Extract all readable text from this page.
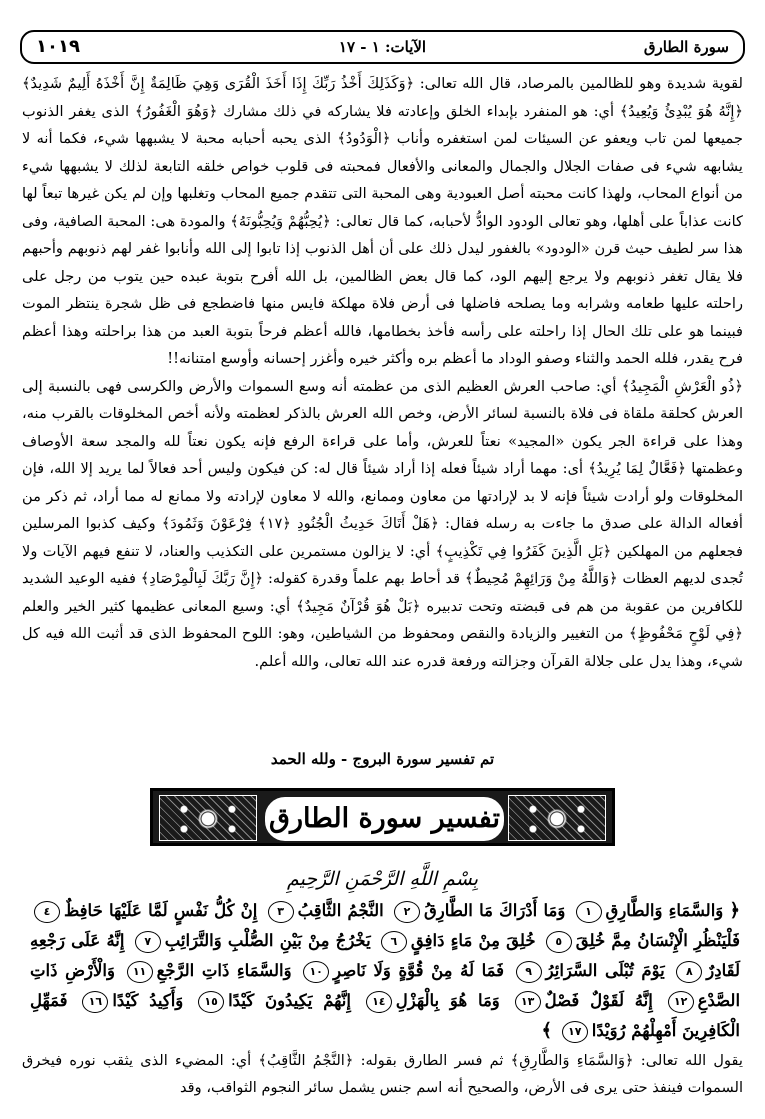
سورة الطارق
الآيات: ١ - ١٧
١٠١٩

لقوية شديدة وهو للظالمين بالمرصاد، قال الله تعالى: ﴿وَكَذَلِكَ أَخْذُ رَبِّكَ إِذَا أَخَذَ الْقُرَى وَهِيَ ظَالِمَةٌ إِنَّ أَخْذَهُ أَلِيمٌ شَدِيدٌ﴾ ﴿إِنَّهُ هُوَ يُبْدِئُ وَيُعِيدُ﴾ أي: هو المنفرد بإبداء الخلق وإعادته فلا يشاركه في ذلك مشارك ﴿وَهُوَ الْغَفُورُ﴾ الذى يغفر الذنوب جميعها لمن تاب ويعفو عن السيئات لمن استغفره وأناب ﴿الْوَدُودُ﴾ الذى يحبه أحبابه محبة لا يشبهها شيء، فكما أنه لا يشابهه شيء فى صفات الجلال والجمال والمعانى والأفعال فمحبته فى قلوب خواص خلقه التابعة لذلك لا يشبهها شيء من أنواع المحاب، ولهذا كانت محبته أصل العبودية وهى المحبة التى تتقدم جميع المحاب وتغلبها وإن لم يكن غيرها تبعاً لها كانت عذاباً على أهلها، وهو تعالى الودود الوادُّ لأحبابه، كما قال تعالى: ﴿يُحِبُّهُمْ وَيُحِبُّونَهُ﴾ والمودة هى: المحبة الصافية، وفى هذا سر لطيف حيث قرن «الودود» بالغفور ليدل ذلك على أن أهل الذنوب إذا تابوا إلى الله وأنابوا غفر لهم ذنوبهم وأحبهم فلا يقال تغفر ذنوبهم ولا يرجع إليهم الود، كما قال بعض الظالمين، بل الله أفرح بتوبة عبده حين يتوب من رجل على راحلته عليها طعامه وشرابه وما يصلحه فاضلها فى أرض فلاة مهلكة فايس منها فاضطجع فى ظل شجرة ينتظر الموت فبينما هو على تلك الحال إذا راحلته على رأسه فأخذ بخطامها، فالله أعظم فرحاً بتوبة العبد من هذا براحلته وهذا أعظم فرح يقدر، فلله الحمد والثناء وصفو الوداد ما أعظم بره وأكثر خيره وأغزر إحسانه وأوسع امتنانه!!

﴿ذُو الْعَرْشِ الْمَجِيدُ﴾ أي: صاحب العرش العظيم الذى من عظمته أنه وسع السموات والأرض والكرسى فهى بالنسبة إلى العرش كحلقة ملقاة فى فلاة بالنسبة لسائر الأرض، وخص الله العرش بالذكر لعظمته ولأنه أخص المخلوقات بالقرب منه، وهذا على قراءة الجر يكون «المجيد» نعتاً للعرش، وأما على قراءة الرفع فإنه يكون نعتاً لله والمجد سعة الأوصاف وعظمتها ﴿فَعَّالٌ لِمَا يُرِيدُ﴾ أى: مهما أراد شيئاً فعله إذا أراد شيئاً قال له: كن فيكون وليس أحد فعالاً لما يريد إلا الله، فإن المخلوقات ولو أرادت شيئاً فإنه لا بد لإرادتها من معاون وممانع، والله لا معاون لإرادته ولا ممانع له مما أراد، ثم ذكر من أفعاله الدالة على صدق ما جاءت به رسله فقال: ﴿هَلْ أَتَاكَ حَدِيثُ الْجُنُودِ ﴿١٧﴾ فِرْعَوْنَ وَثَمُودَ﴾ وكيف كذبوا المرسلين فجعلهم من المهلكين ﴿بَلِ الَّذِينَ كَفَرُوا فِي تَكْذِيبٍ﴾ أي: لا يزالون مستمرين على التكذيب والعناد، لا تنفع فيهم الآيات ولا تُجدى لديهم العظات ﴿وَاللَّهُ مِنْ وَرَائِهِمْ مُحِيطٌ﴾ قد أحاط بهم علماً وقدرة كقوله: ﴿إِنَّ رَبَّكَ لَبِالْمِرْصَادِ﴾ ففيه الوعيد الشديد للكافرين من عقوبة من هم فى قبضته وتحت تدبيره ﴿بَلْ هُوَ قُرْآنٌ مَجِيدٌ﴾ أي: وسيع المعانى عظيمها كثير الخير والعلم ﴿فِي لَوْحٍ مَحْفُوظٍ﴾ من التغيير والزيادة والنقص ومحفوظ من الشياطين، وهو: اللوح المحفوظ الذى قد أثبت الله فيه كل شيء، وهذا يدل على جلالة القرآن وجزالته ورفعة قدره عند الله تعالى، والله أعلم.

تم تفسير سورة البروج - ولله الحمد
تفسير سورة الطارق
بِسْمِ اللَّهِ الرَّحْمَنِ الرَّحِيمِ
﴿ وَالسَّمَاءِ وَالطَّارِقِ١ وَمَا أَدْرَاكَ مَا الطَّارِقُ٢ النَّجْمُ الثَّاقِبُ٣ إِنْ كُلُّ نَفْسٍ لَمَّا عَلَيْهَا حَافِظٌ٤ فَلْيَنْظُرِ الْإِنْسَانُ مِمَّ خُلِقَ٥ خُلِقَ مِنْ مَاءٍ دَافِقٍ٦ يَخْرُجُ مِنْ بَيْنِ الصُّلْبِ وَالتَّرَائِبِ٧ إِنَّهُ عَلَى رَجْعِهِ لَقَادِرٌ٨ يَوْمَ تُبْلَى السَّرَائِرُ٩ فَمَا لَهُ مِنْ قُوَّةٍ وَلَا نَاصِرٍ١٠ وَالسَّمَاءِ ذَاتِ الرَّجْعِ١١ وَالْأَرْضِ ذَاتِ الصَّدْعِ١٢ إِنَّهُ لَقَوْلٌ فَصْلٌ١٣ وَمَا هُوَ بِالْهَزْلِ١٤ إِنَّهُمْ يَكِيدُونَ كَيْدًا١٥ وَأَكِيدُ كَيْدًا١٦ فَمَهِّلِ الْكَافِرِينَ أَمْهِلْهُمْ رُوَيْدًا١٧ ﴾
يقول الله تعالى: ﴿وَالسَّمَاءِ وَالطَّارِقِ﴾ ثم فسر الطارق بقوله: ﴿النَّجْمُ الثَّاقِبُ﴾ أي: المضيء الذى يثقب نوره فيخرق السموات فينفذ حتى يرى فى الأرض، والصحيح أنه اسم جنس يشمل سائر النجوم الثواقب، وقد
